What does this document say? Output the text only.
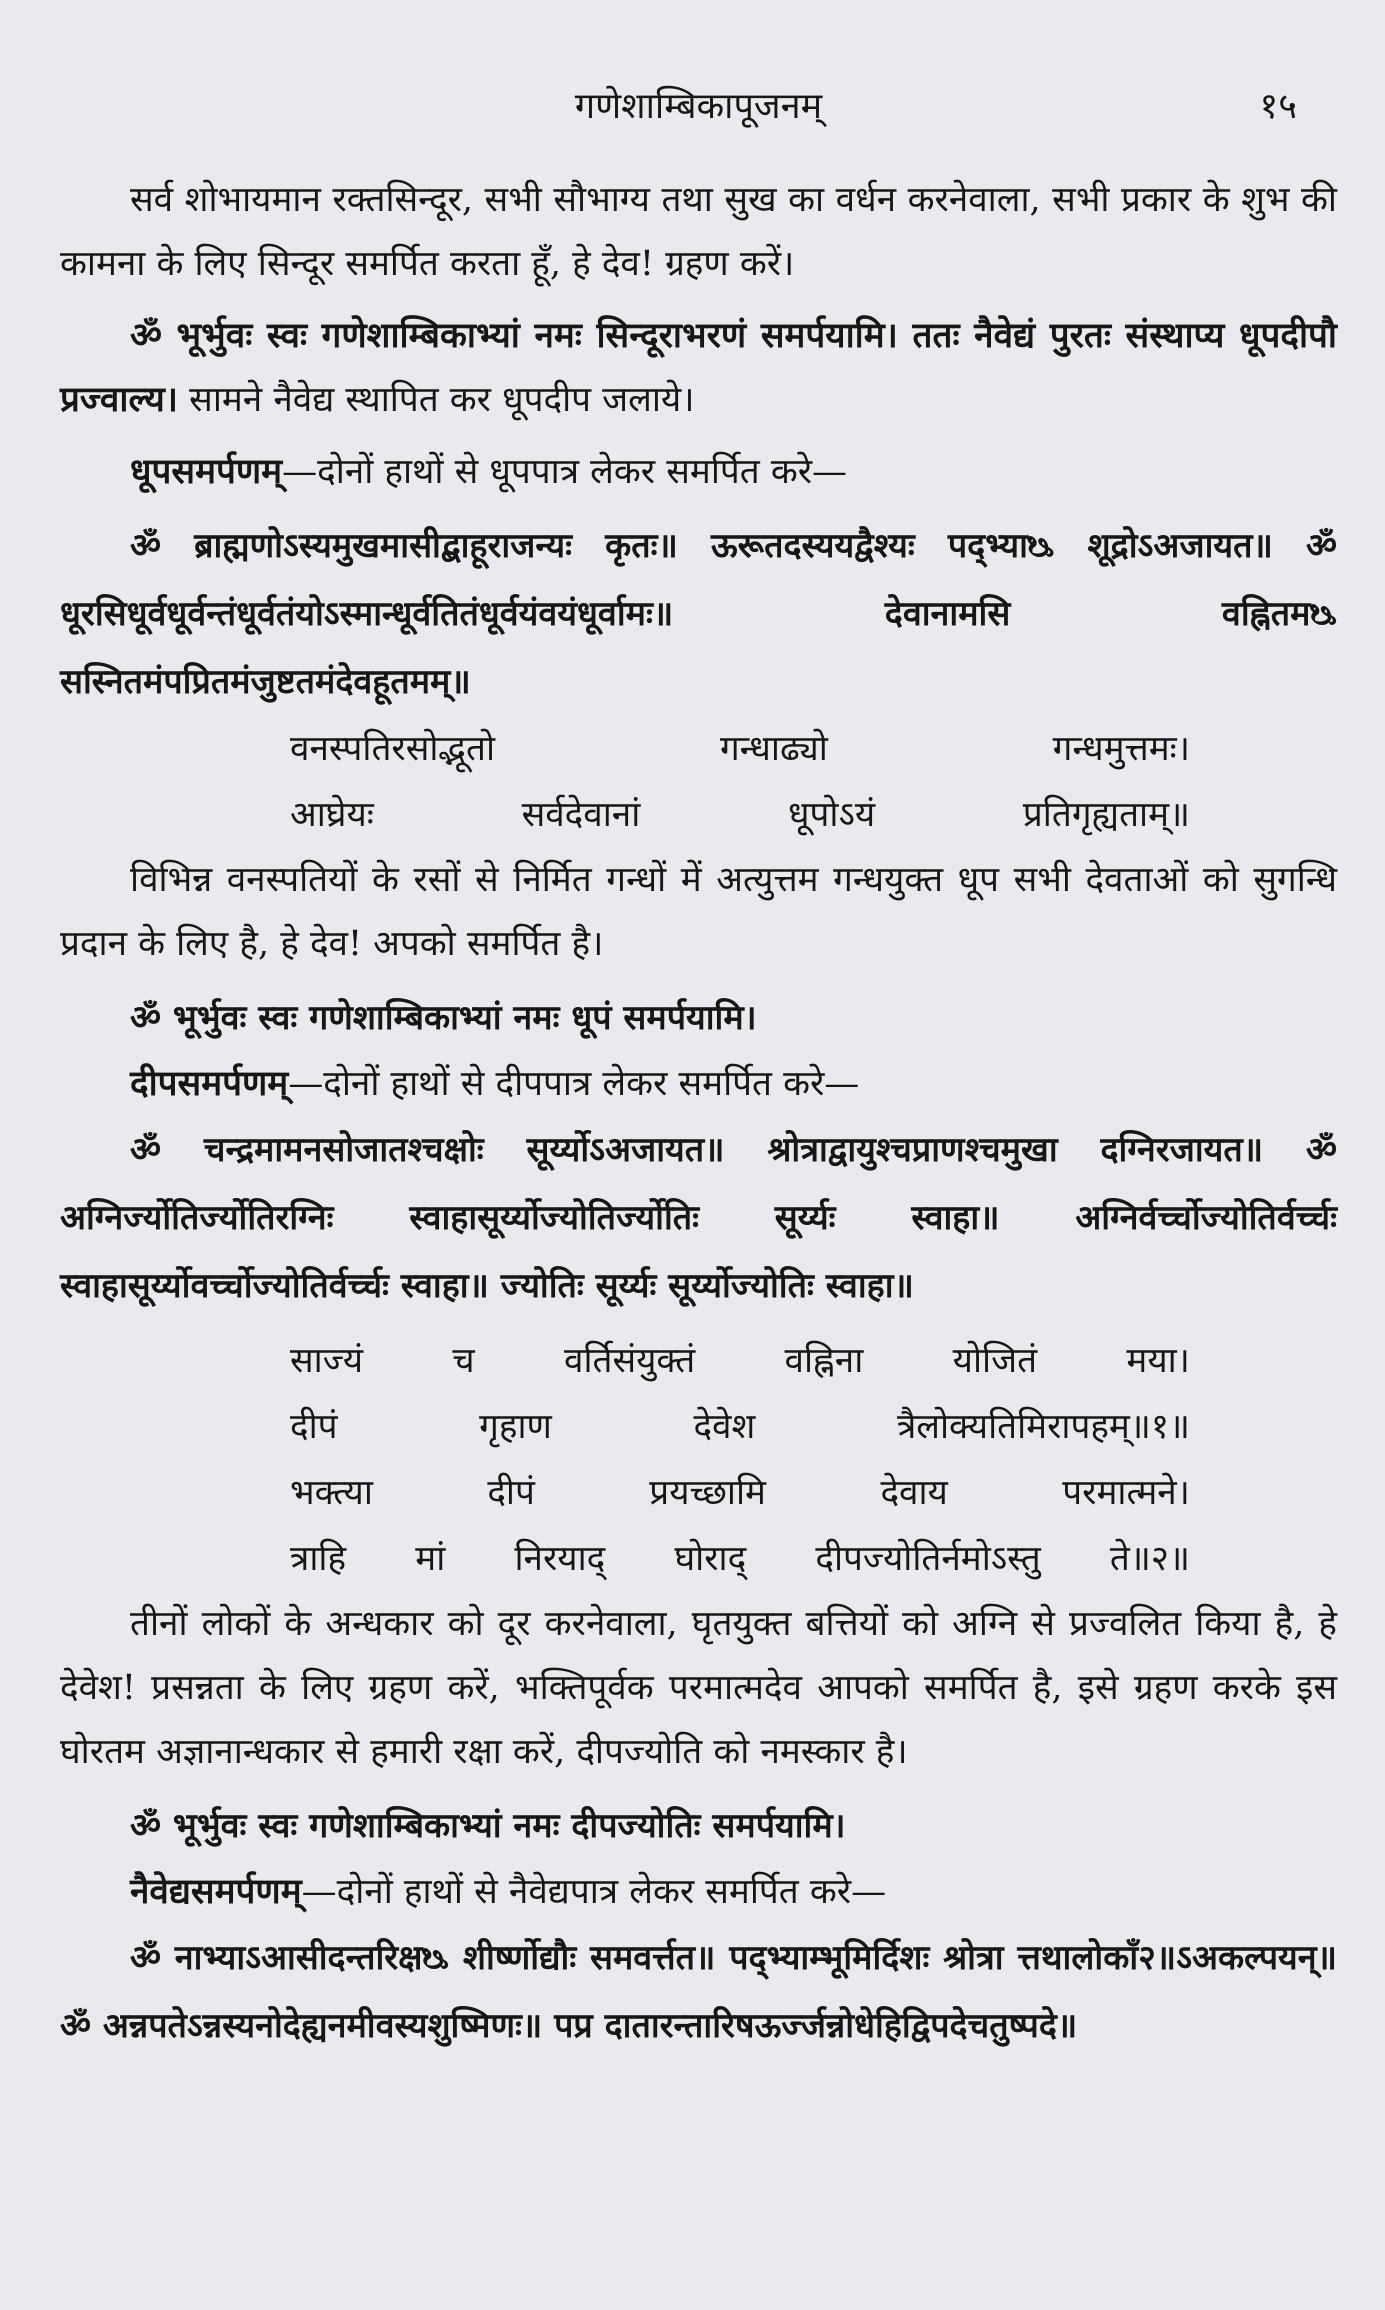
गणेशाम्बिकापूजनम्	१५

सर्व शोभायमान रक्तसिन्दूर, सभी सौभाग्य तथा सुख का वर्धन करनेवाला, सभी प्रकार के शुभ की कामना के लिए सिन्दूर समर्पित करता हूँ, हे देव! ग्रहण करें।

ॐ भूर्भुवः स्वः गणेशाम्बिकाभ्यां नमः सिन्दूराभरणं समर्पयामि। ततः नैवेद्यं पुरतः संस्थाप्य धूपदीपौ प्रज्वाल्य। सामने नैवेद्य स्थापित कर धूपदीप जलाये।

धूपसमर्पणम्—दोनों हाथों से धूपपात्र लेकर समर्पित करे—

ॐ ब्राह्मणोऽस्यमुखमासीद्बाहूराजन्यः कृतः॥ ऊरूतदस्ययद्वैश्यः पद्भ्याᳬ शूद्रोऽअजायत॥ ॐ धूरसिधूर्वधूर्वन्तंधूर्वतंयोऽस्मान्धूर्वतितंधूर्वयंवयंधूर्वामः॥ देवानामसि वह्नितमᳬ सस्नितमंपप्रितमंजुष्टतमंदेवहूतमम्॥

वनस्पतिरसोद्भूतो	गन्धाढ्यो	गन्धमुत्तमः।

आघ्रेयः	सर्वदेवानां	धूपोऽयं	प्रतिगृह्यताम्॥

विभिन्न वनस्पतियों के रसों से निर्मित गन्धों में अत्युत्तम गन्धयुक्त धूप सभी देवताओं को सुगन्धि प्रदान के लिए है, हे देव! अपको समर्पित है।

ॐ भूर्भुवः स्वः गणेशाम्बिकाभ्यां नमः धूपं समर्पयामि।

दीपसमर्पणम्—दोनों हाथों से दीपपात्र लेकर समर्पित करे—

ॐ चन्द्रमामनसोजातश्चक्षोः सूर्य्योऽअजायत॥ श्रोत्राद्वायुश्चप्राणश्चमुखा दग्निरजायत॥ ॐ अग्निर्ज्योतिर्ज्योतिरग्निः स्वाहासूर्य्योज्योतिर्ज्योतिः सूर्य्यः स्वाहा॥ अग्निर्वर्च्चोज्योतिर्वर्च्चः स्वाहासूर्य्योवर्च्चोज्योतिर्वर्च्चः स्वाहा॥ ज्योतिः सूर्य्यः सूर्य्योज्योतिः स्वाहा॥

साज्यं	च	वर्तिसंयुक्तं	वह्निना	योजितं	मया।

दीपं	गृहाण	देवेश	त्रैलोक्यतिमिरापहम्॥१॥

भक्त्या	दीपं	प्रयच्छामि	देवाय	परमात्मने।

त्राहि मां निरयाद् घोराद् दीपज्योतिर्नमोऽस्तु ते॥२॥

तीनों लोकों के अन्धकार को दूर करनेवाला, घृतयुक्त बत्तियों को अग्नि से प्रज्वलित किया है, हे देवेश! प्रसन्नता के लिए ग्रहण करें, भक्तिपूर्वक परमात्मदेव आपको समर्पित है, इसे ग्रहण करके इस घोरतम अज्ञानान्धकार से हमारी रक्षा करें, दीपज्योति को नमस्कार है।

ॐ भूर्भुवः स्वः गणेशाम्बिकाभ्यां नमः दीपज्योतिः समर्पयामि।

नैवेद्यसमर्पणम्—दोनों हाथों से नैवेद्यपात्र लेकर समर्पित करे—

ॐ नाभ्याऽआसीदन्तरिक्षᳬ शीर्ष्णोद्यौः समवर्त्तत॥ पद्भ्याम्भूमिर्दिशः श्रोत्रा त्तथालोकाँ२॥ऽअकल्पयन्॥ ॐ अन्नपतेऽन्नस्यनोदेह्यनमीवस्यशुष्मिणः॥ पप्र दातारन्तारिषऊर्ज्जन्नोधेहिद्विपदेचतुष्पदे॥
